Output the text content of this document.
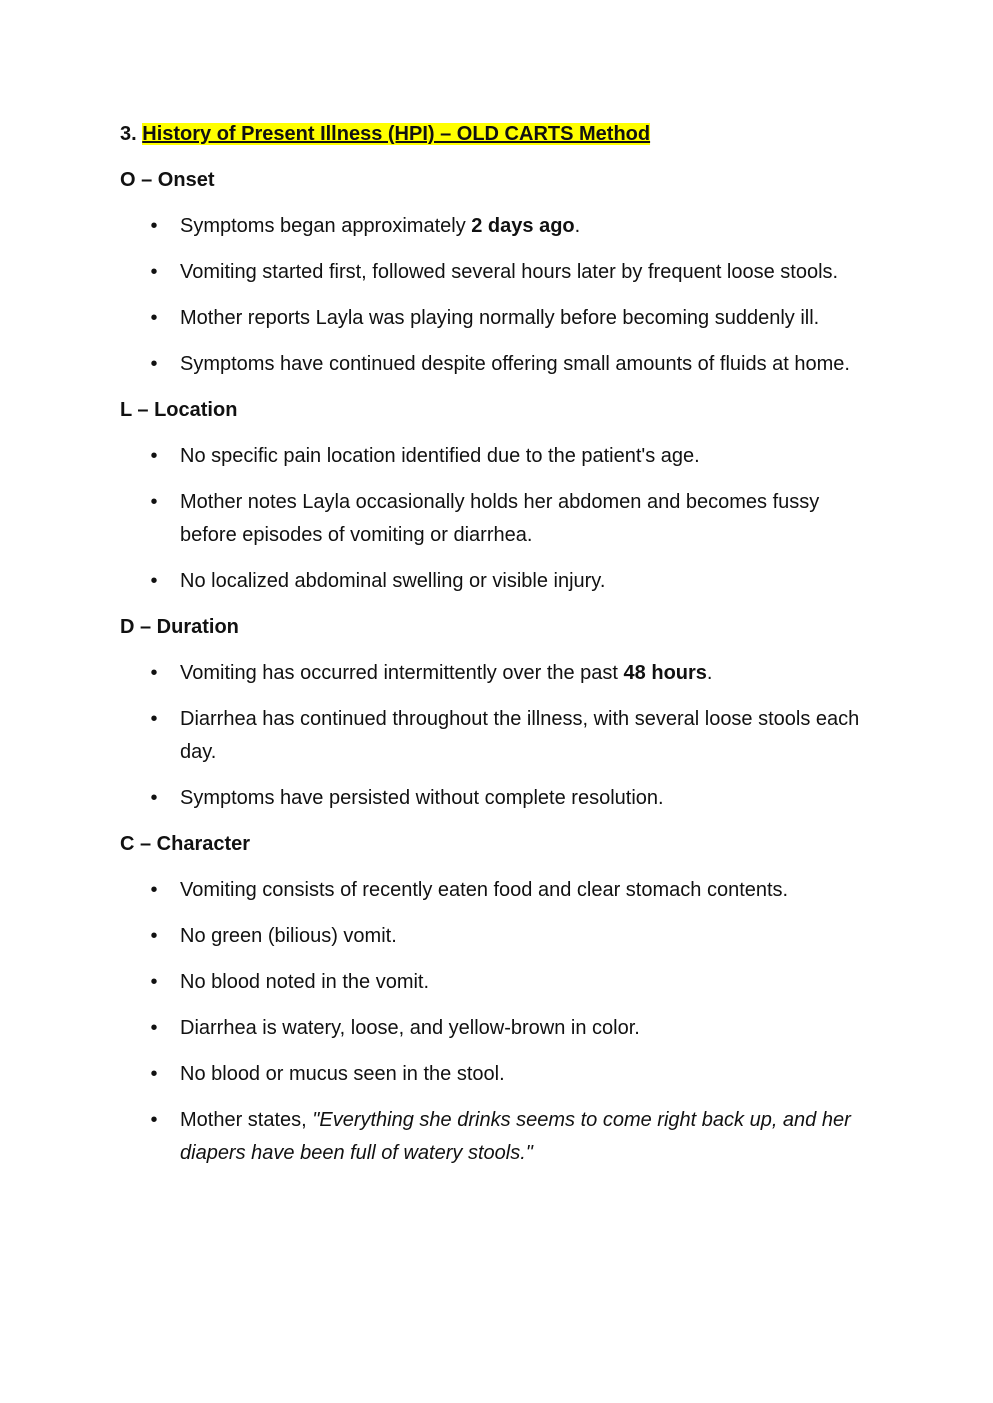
3. History of Present Illness (HPI) – OLD CARTS Method
O – Onset
• Symptoms began approximately 2 days ago.
• Vomiting started first, followed several hours later by frequent loose stools.
• Mother reports Layla was playing normally before becoming suddenly ill.
• Symptoms have continued despite offering small amounts of fluids at home.
L – Location
• No specific pain location identified due to the patient's age.
• Mother notes Layla occasionally holds her abdomen and becomes fussy before episodes of vomiting or diarrhea.
• No localized abdominal swelling or visible injury.
D – Duration
• Vomiting has occurred intermittently over the past 48 hours.
• Diarrhea has continued throughout the illness, with several loose stools each day.
• Symptoms have persisted without complete resolution.
C – Character
• Vomiting consists of recently eaten food and clear stomach contents.
• No green (bilious) vomit.
• No blood noted in the vomit.
• Diarrhea is watery, loose, and yellow-brown in color.
• No blood or mucus seen in the stool.
• Mother states, "Everything she drinks seems to come right back up, and her diapers have been full of watery stools."
